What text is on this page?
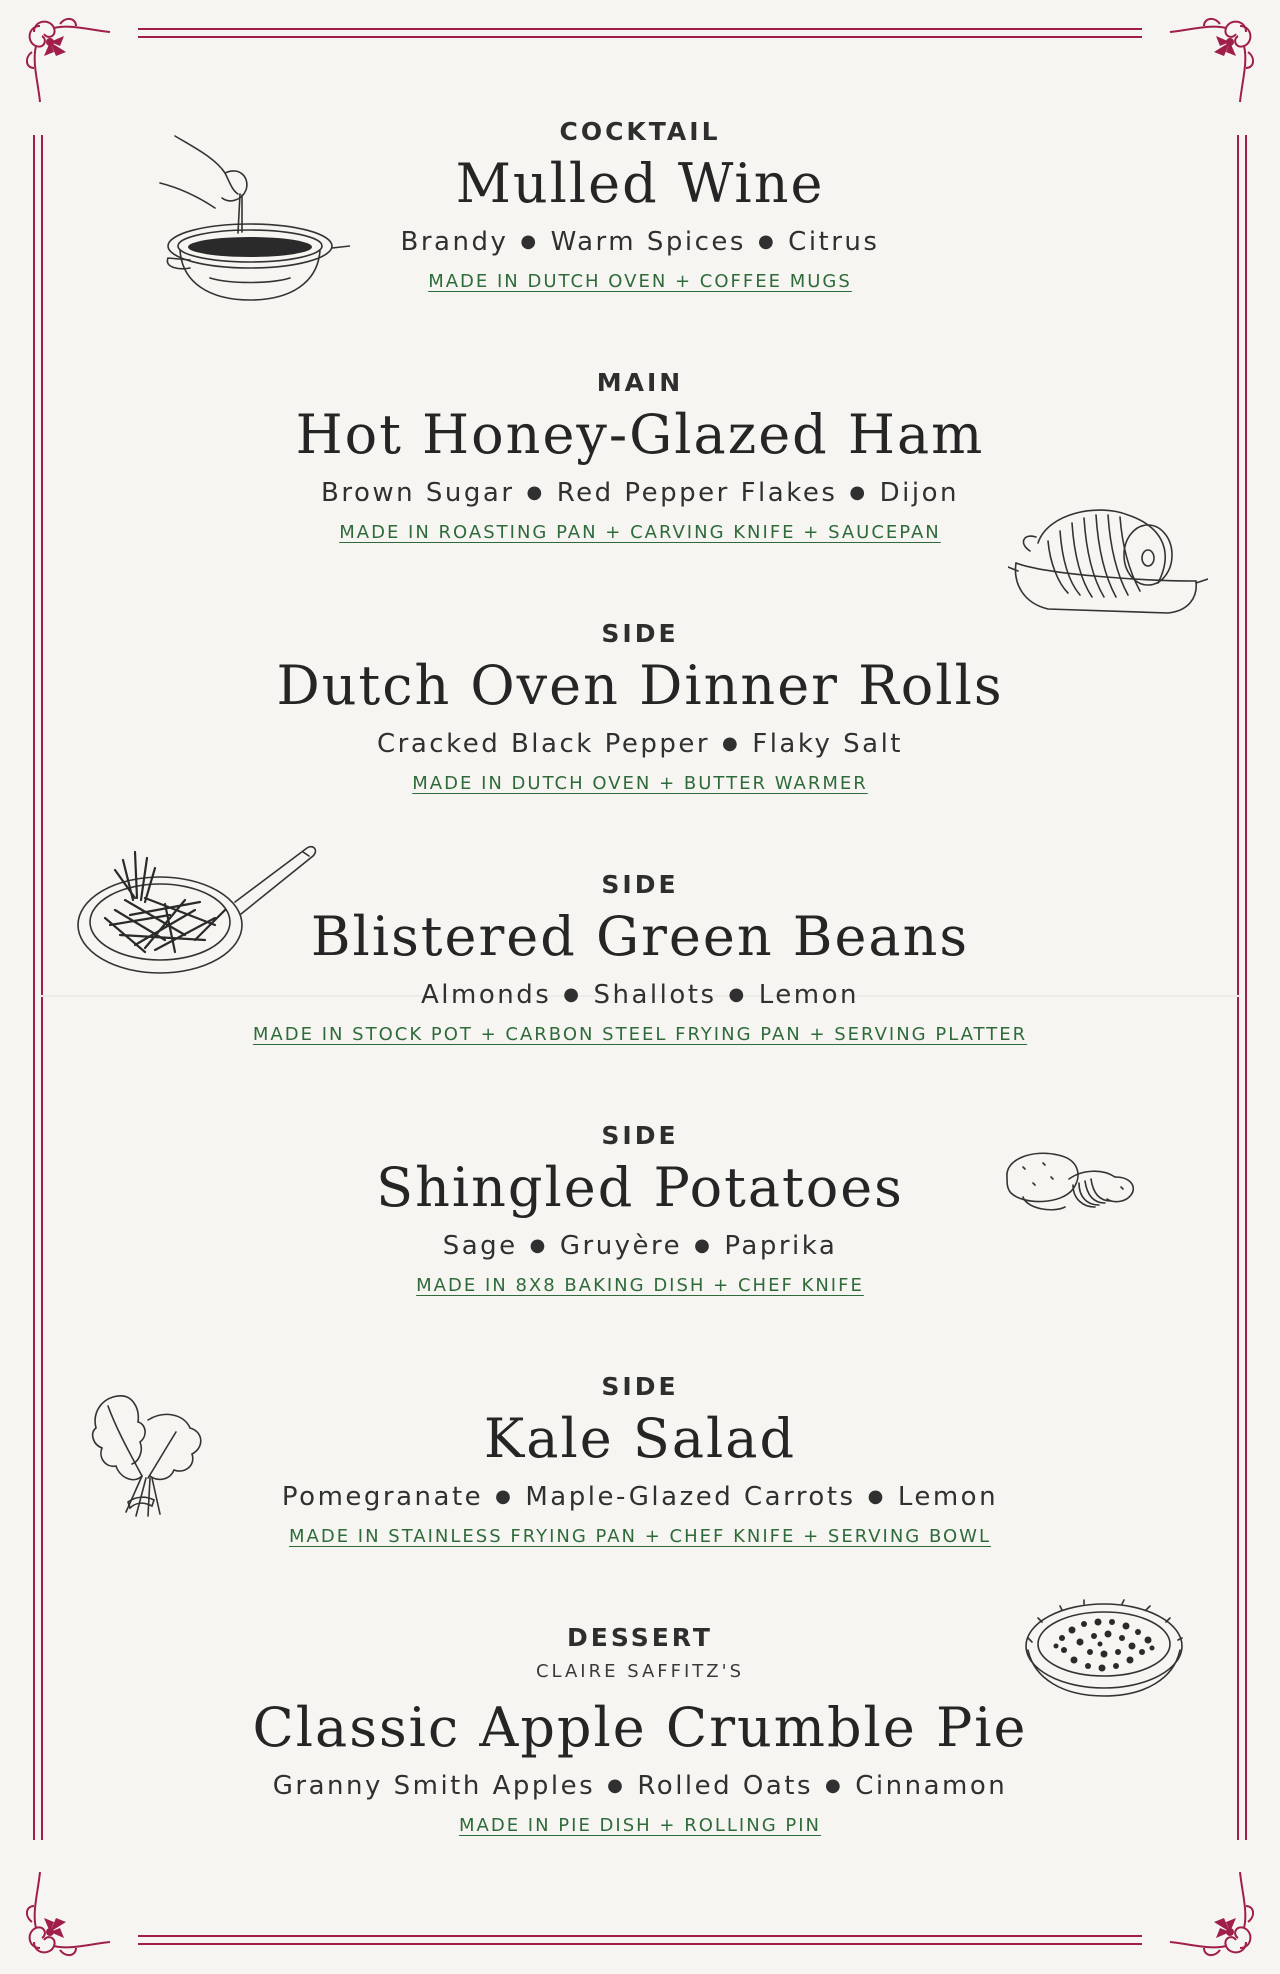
COCKTAIL
Mulled Wine
Brandy ● Warm Spices ● Citrus
MADE IN DUTCH OVEN + COFFEE MUGS
MAIN
Hot Honey-Glazed Ham
Brown Sugar ● Red Pepper Flakes ● Dijon
MADE IN ROASTING PAN + CARVING KNIFE + SAUCEPAN
SIDE
Dutch Oven Dinner Rolls
Cracked Black Pepper ● Flaky Salt
MADE IN DUTCH OVEN + BUTTER WARMER
SIDE
Blistered Green Beans
Almonds ● Shallots ● Lemon
MADE IN STOCK POT + CARBON STEEL FRYING PAN + SERVING PLATTER
SIDE
Shingled Potatoes
Sage ● Gruyère ● Paprika
MADE IN 8X8 BAKING DISH + CHEF KNIFE
SIDE
Kale Salad
Pomegranate ● Maple-Glazed Carrots ● Lemon
MADE IN STAINLESS FRYING PAN + CHEF KNIFE + SERVING BOWL
DESSERT
CLAIRE SAFFITZ'S
Classic Apple Crumble Pie
Granny Smith Apples ● Rolled Oats ● Cinnamon
MADE IN PIE DISH + ROLLING PIN
